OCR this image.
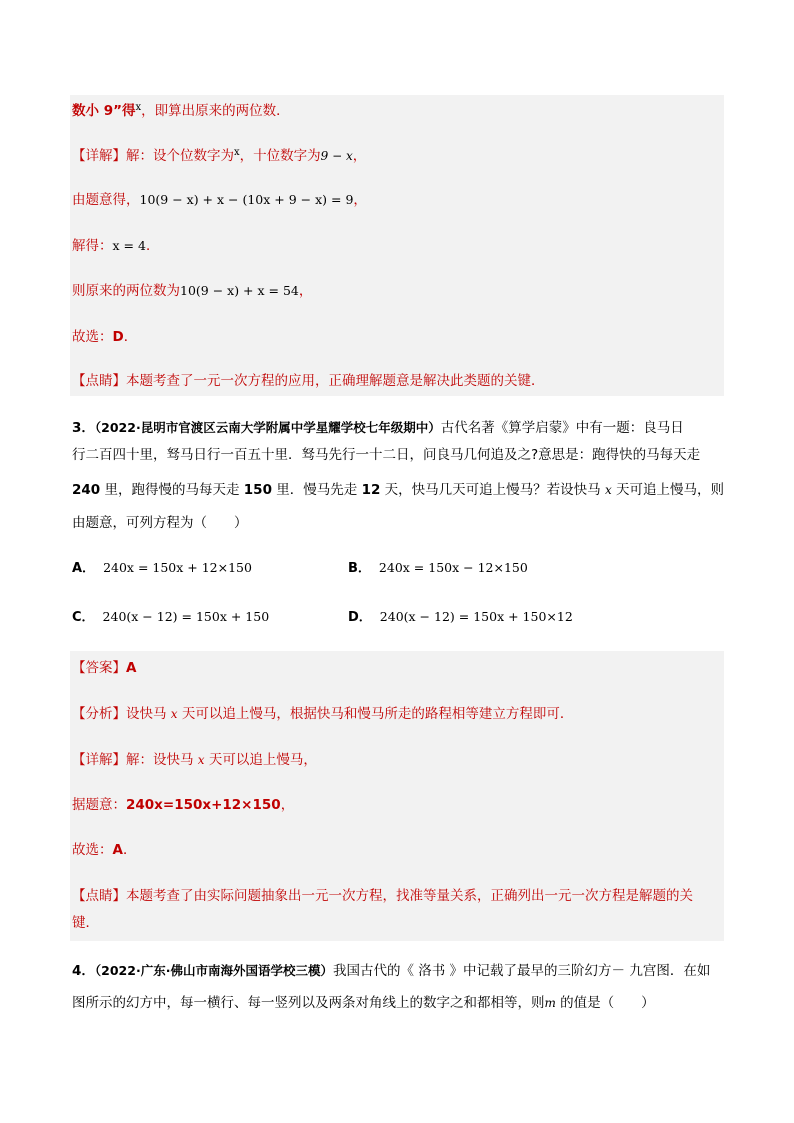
数小 9”得$^x$，即算出原来的两位数．
【详解】解：设个位数字为$^x$，十位数字为9 − x，
由题意得，10(9 − x) + x − (10x + 9 − x) = 9，
解得：x = 4．
则原来的两位数为10(9 − x) + x = 54，
故选：D．
【点睛】本题考查了一元一次方程的应用，正确理解题意是解决此类题的关键．
3．（2022·昆明市官渡区云南大学附属中学星耀学校七年级期中）古代名著《算学启蒙》中有一题：良马日
行二百四十里，驽马日行一百五十里．驽马先行一十二日，问良马几何追及之?意思是：跑得快的马每天走
240 里，跑得慢的马每天走 150 里．慢马先走 12 天，快马几天可追上慢马？若设快马 x 天可追上慢马，则
由题意，可列方程为（　　）
A． 240x = 150x + 12×150	B． 240x = 150x − 12×150
C． 240(x − 12) = 150x + 150	D． 240(x − 12) = 150x + 150×12
【答案】A
【分析】设快马 x 天可以追上慢马，根据快马和慢马所走的路程相等建立方程即可．
【详解】解：设快马 x 天可以追上慢马，
据题意：240x=150x+12×150，
故选：A．
【点睛】本题考查了由实际问题抽象出一元一次方程，找准等量关系，正确列出一元一次方程是解题的关
键．
4．（2022·广东·佛山市南海外国语学校三模）我国古代的《 洛书 》中记载了最早的三阶幻方－ 九宫图．在如
图所示的幻方中，每一横行、每一竖列以及两条对角线上的数字之和都相等，则m 的值是（　　）
